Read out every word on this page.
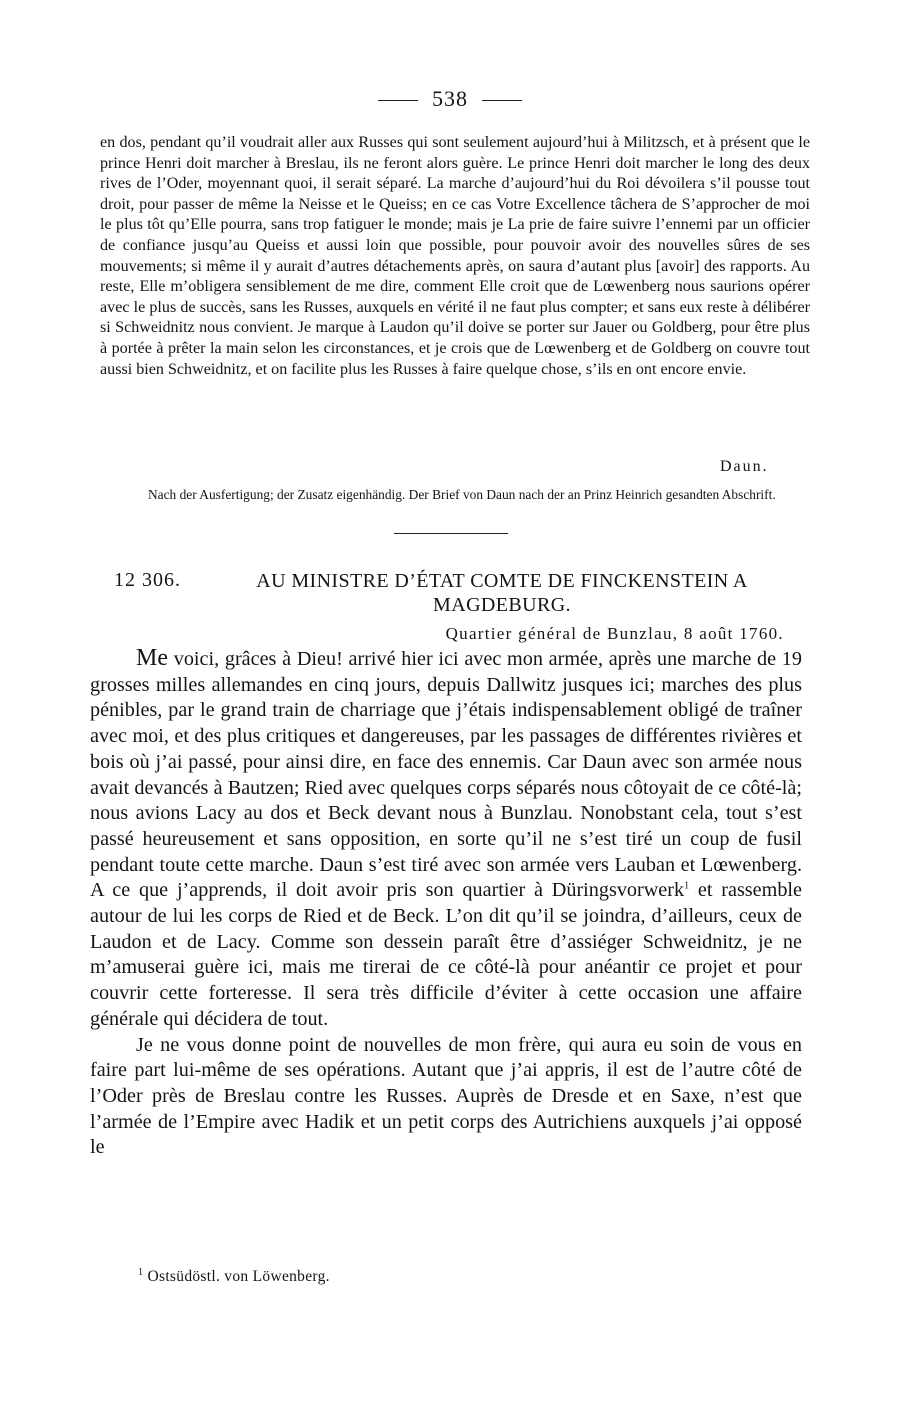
538

en dos, pendant qu’il voudrait aller aux Russes qui sont seulement aujourd’hui à Militzsch, et à présent que le prince Henri doit marcher à Breslau, ils ne feront alors guère. Le prince Henri doit marcher le long des deux rives de l’Oder, moyennant quoi, il serait séparé. La marche d’aujourd’hui du Roi dévoilera s’il pousse tout droit, pour passer de même la Neisse et le Queiss; en ce cas Votre Excellence tâchera de S’approcher de moi le plus tôt qu’Elle pourra, sans trop fatiguer le monde; mais je La prie de faire suivre l’ennemi par un officier de confiance jusqu’au Queiss et aussi loin que possible, pour pouvoir avoir des nouvelles sûres de ses mouvements; si même il y aurait d’autres détachements après, on saura d’autant plus [avoir] des rapports. Au reste, Elle m’obligera sensiblement de me dire, comment Elle croit que de Lœwenberg nous saurions opérer avec le plus de succès, sans les Russes, auxquels en vérité il ne faut plus compter; et sans eux reste à délibérer si Schweidnitz nous convient. Je marque à Laudon qu’il doive se porter sur Jauer ou Goldberg, pour être plus à portée à prêter la main selon les circonstances, et je crois que de Lœwenberg et de Goldberg on couvre tout aussi bien Schweidnitz, et on facilite plus les Russes à faire quelque chose, s’ils en ont encore envie.

Daun.
Nach der Ausfertigung; der Zusatz eigenhändig. Der Brief von Daun nach der an Prinz Heinrich gesandten Abschrift.
12 306.	AU MINISTRE D’ÉTAT COMTE DE FINCKENSTEIN A MAGDEBURG.
Quartier général de Bunzlau, 8 août 1760.

Me voici, grâces à Dieu! arrivé hier ici avec mon armée, après une marche de 19 grosses milles allemandes en cinq jours, depuis Dallwitz jusques ici; marches des plus pénibles, par le grand train de charriage que j’étais indispensablement obligé de traîner avec moi, et des plus critiques et dangereuses, par les passages de différentes rivières et bois où j’ai passé, pour ainsi dire, en face des ennemis. Car Daun avec son armée nous avait devancés à Bautzen; Ried avec quelques corps séparés nous côtoyait de ce côté-là; nous avions Lacy au dos et Beck devant nous à Bunzlau. Nonobstant cela, tout s’est passé heureusement et sans opposition, en sorte qu’il ne s’est tiré un coup de fusil pendant toute cette marche. Daun s’est tiré avec son armée vers Lauban et Lœwenberg. A ce que j’apprends, il doit avoir pris son quartier à Düringsvorwerk$^1$ et rassemble autour de lui les corps de Ried et de Beck. L’on dit qu’il se joindra, d’ailleurs, ceux de Laudon et de Lacy. Comme son dessein paraît être d’assiéger Schweidnitz, je ne m’amuserai guère ici, mais me tirerai de ce côté-là pour anéantir ce projet et pour couvrir cette forteresse. Il sera très difficile d’éviter à cette occasion une affaire générale qui décidera de tout.

Je ne vous donne point de nouvelles de mon frère, qui aura eu soin de vous en faire part lui-même de ses opérations. Autant que j’ai appris, il est de l’autre côté de l’Oder près de Breslau contre les Russes. Auprès de Dresde et en Saxe, n’est que l’armée de l’Empire avec Hadik et un petit corps des Autrichiens auxquels j’ai opposé le

$^1$ Ostsüdöstl. von Löwenberg.
